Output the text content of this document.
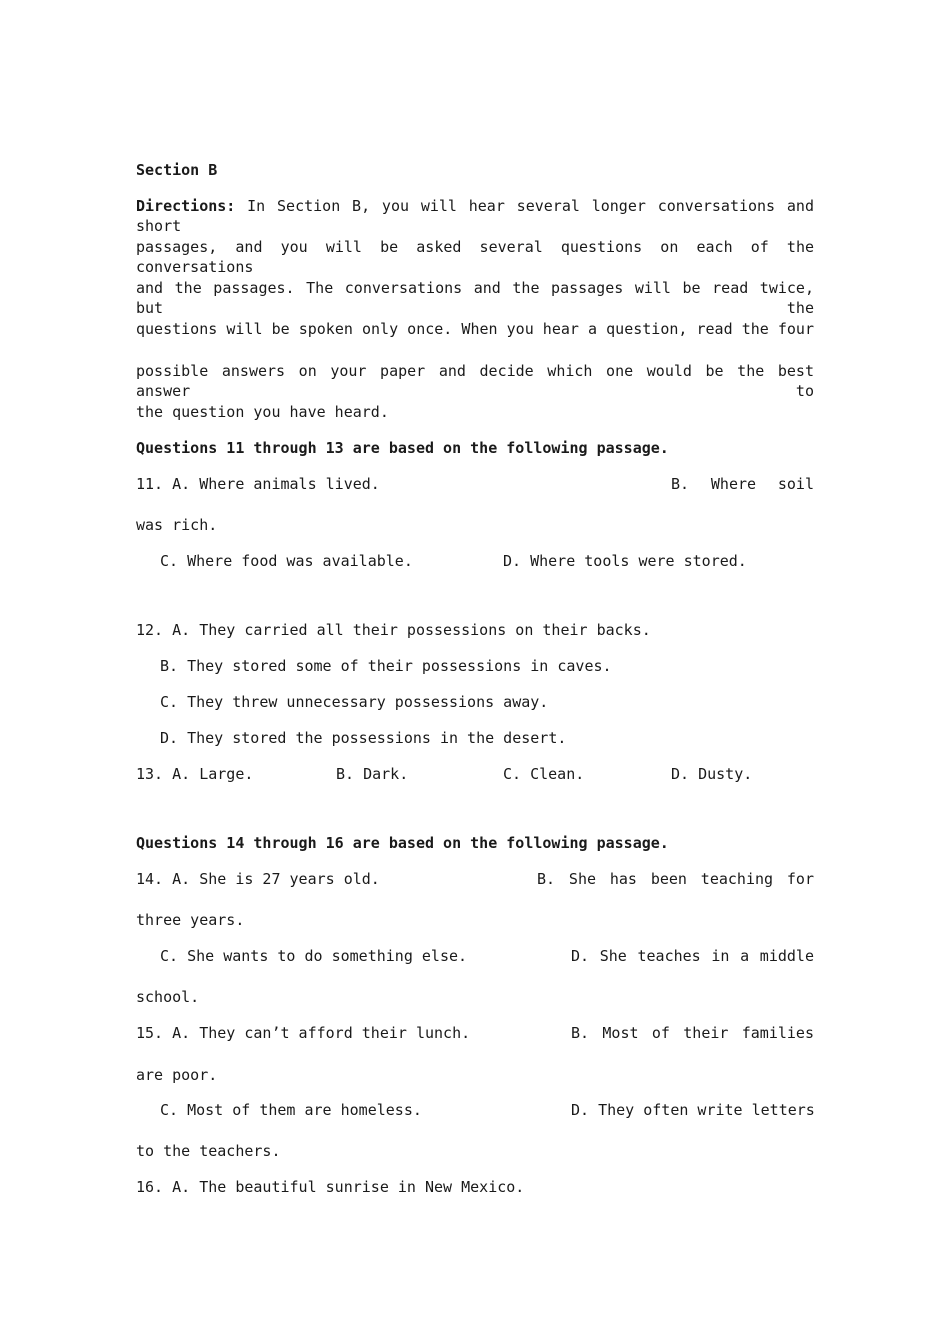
Section B
Directions: In Section B, you will hear several longer conversations and short
passages, and you will be asked several questions on each of the conversations
and the passages. The conversations and the passages will be read twice, but the
questions will be spoken only once. When you hear a question, read the four
possible answers on your paper and decide which one would be the best answer to
the question you have heard.
Questions 11 through 13 are based on the following passage.
11. A. Where animals lived.	B. Where soil
was rich.
C. Where food was available.	D. Where tools were stored.
12. A. They carried all their possessions on their backs.
B. They stored some of their possessions in caves.
C. They threw unnecessary possessions away.
D. They stored the possessions in the desert.
13. A. Large.	B. Dark.	C. Clean.	D. Dusty.
Questions 14 through 16 are based on the following passage.
14. A. She is 27 years old.	B. She has been teaching for
three years.
C. She wants to do something else.	D. She teaches in a middle
school.
15. A. They can’t afford their lunch.	B. Most of their families
are poor.
C. Most of them are homeless.	D. They often write letters
to the teachers.
16. A. The beautiful sunrise in New Mexico.
